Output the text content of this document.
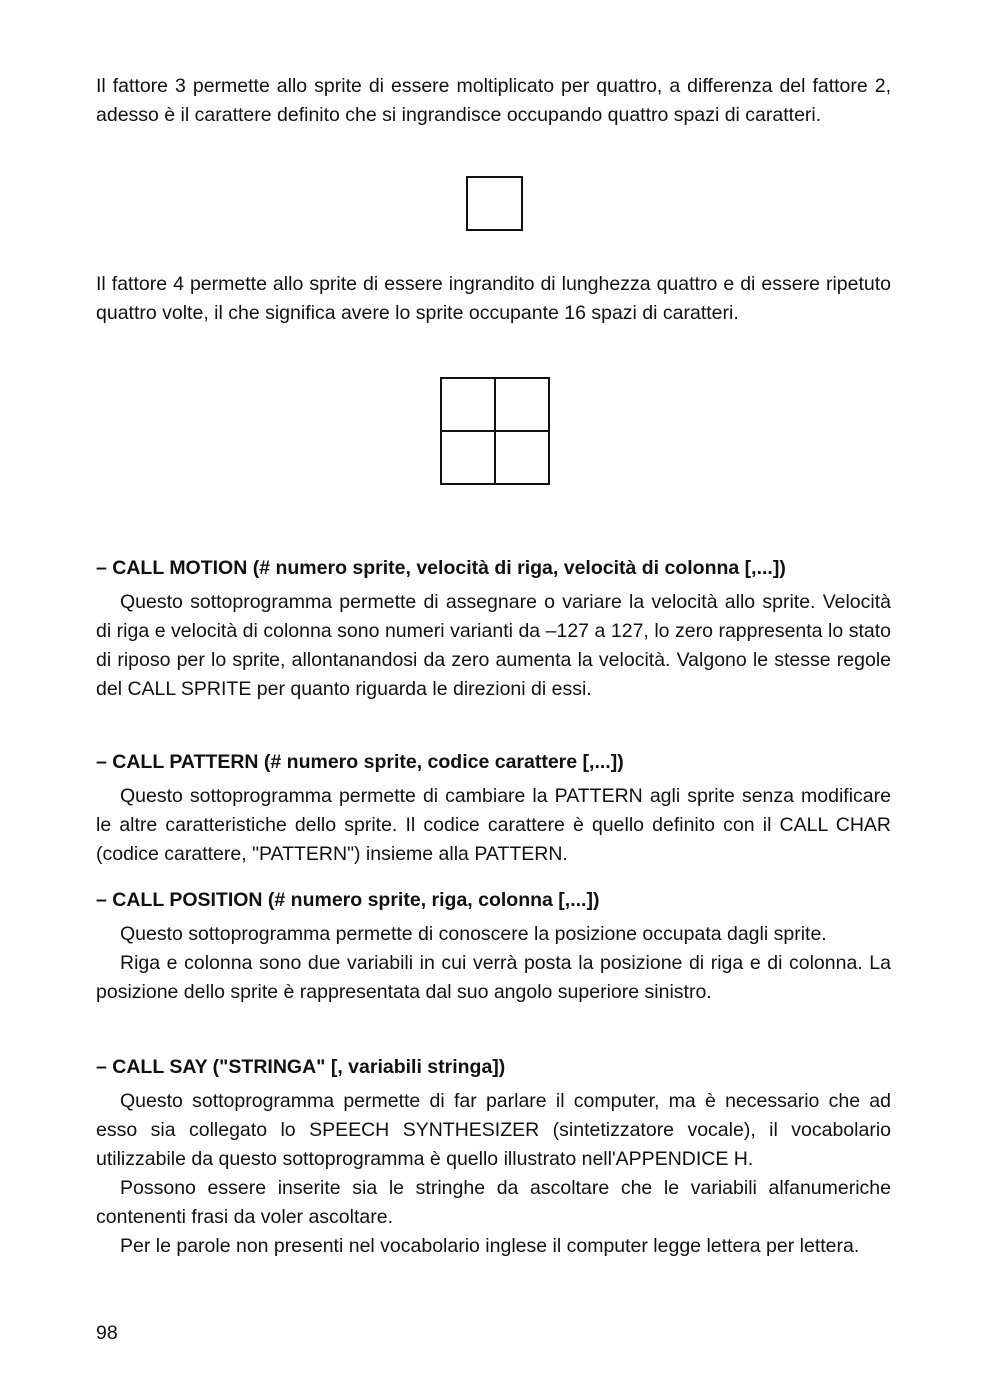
Il fattore 3 permette allo sprite di essere moltiplicato per quattro, a differenza del fattore 2, adesso è il carattere definito che si ingrandisce occupando quattro spazi di caratteri.

Il fattore 4 permette allo sprite di essere ingrandito di lunghezza quattro e di essere ripetuto quattro volte, il che significa avere lo sprite occupante 16 spazi di caratteri.

– CALL MOTION (# numero sprite, velocità di riga, velocità di colonna [,...])

Questo sottoprogramma permette di assegnare o variare la velocità allo sprite. Velocità di riga e velocità di colonna sono numeri varianti da –127 a 127, lo zero rappresenta lo stato di riposo per lo sprite, allontanandosi da zero aumenta la velocità. Valgono le stesse regole del CALL SPRITE per quanto riguarda le direzioni di essi.

– CALL PATTERN (# numero sprite, codice carattere [,...])

Questo sottoprogramma permette di cambiare la PATTERN agli sprite senza modificare le altre caratteristiche dello sprite. Il codice carattere è quello definito con il CALL CHAR (codice carattere, "PATTERN") insieme alla PATTERN.

– CALL POSITION (# numero sprite, riga, colonna [,...])

Questo sottoprogramma permette di conoscere la posizione occupata dagli sprite.

Riga e colonna sono due variabili in cui verrà posta la posizione di riga e di colonna. La posizione dello sprite è rappresentata dal suo angolo superiore sinistro.

– CALL SAY ("STRINGA" [, variabili stringa])

Questo sottoprogramma permette di far parlare il computer, ma è necessario che ad esso sia collegato lo SPEECH SYNTHESIZER (sintetizzatore vocale), il vocabolario utilizzabile da questo sottoprogramma è quello illustrato nell'APPENDICE H.

Possono essere inserite sia le stringhe da ascoltare che le variabili alfanumeriche contenenti frasi da voler ascoltare.

Per le parole non presenti nel vocabolario inglese il computer legge lettera per lettera.

98
